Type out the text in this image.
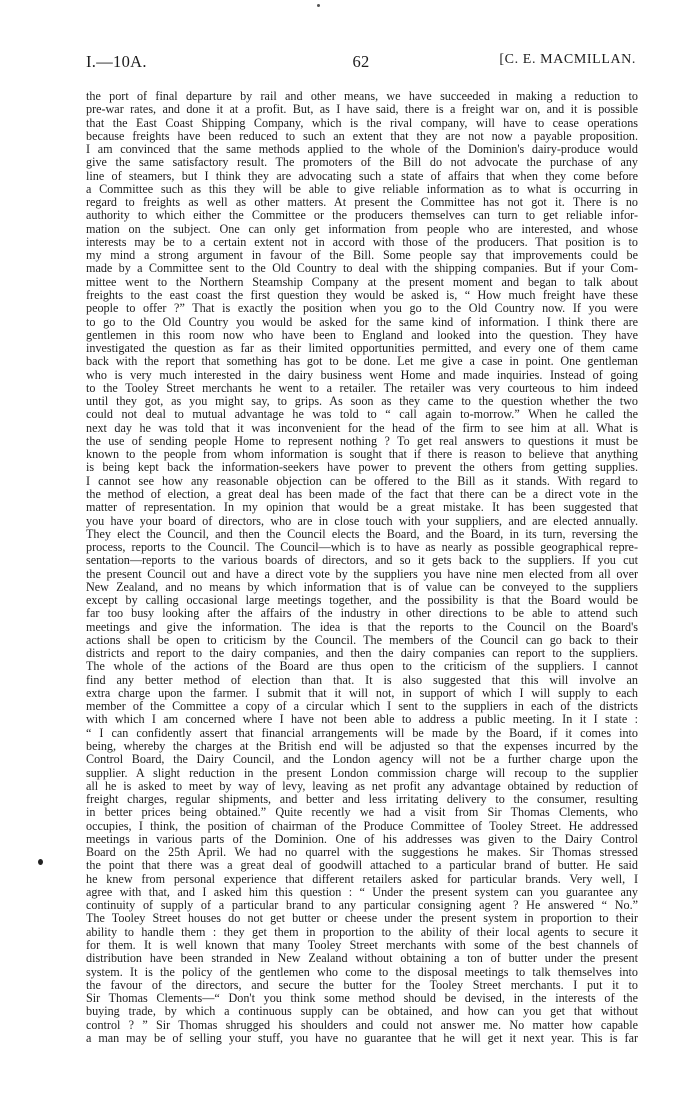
I.—10A.	62	[C. E. MACMILLAN.
the port of final departure by rail and other means, we have succeeded in making a reduction to
pre-war rates, and done it at a profit. But, as I have said, there is a freight war on, and it is possible
that the East Coast Shipping Company, which is the rival company, will have to cease operations
because freights have been reduced to such an extent that they are not now a payable proposition.
I am convinced that the same methods applied to the whole of the Dominion's dairy-produce would
give the same satisfactory result. The promoters of the Bill do not advocate the purchase of any
line of steamers, but I think they are advocating such a state of affairs that when they come before
a Committee such as this they will be able to give reliable information as to what is occurring in
regard to freights as well as other matters. At present the Committee has not got it. There is no
authority to which either the Committee or the producers themselves can turn to get reliable infor-
mation on the subject. One can only get information from people who are interested, and whose
interests may be to a certain extent not in accord with those of the producers. That position is to
my mind a strong argument in favour of the Bill. Some people say that improvements could be
made by a Committee sent to the Old Country to deal with the shipping companies. But if your Com-
mittee went to the Northern Steamship Company at the present moment and began to talk about
freights to the east coast the first question they would be asked is, “ How much freight have these
people to offer ?” That is exactly the position when you go to the Old Country now. If you were
to go to the Old Country you would be asked for the same kind of information. I think there are
gentlemen in this room now who have been to England and looked into the question. They have
investigated the question as far as their limited opportunities permitted, and every one of them came
back with the report that something has got to be done. Let me give a case in point. One gentleman
who is very much interested in the dairy business went Home and made inquiries. Instead of going
to the Tooley Street merchants he went to a retailer. The retailer was very courteous to him indeed
until they got, as you might say, to grips. As soon as they came to the question whether the two
could not deal to mutual advantage he was told to “ call again to-morrow.” When he called the
next day he was told that it was inconvenient for the head of the firm to see him at all. What is
the use of sending people Home to represent nothing ? To get real answers to questions it must be
known to the people from whom information is sought that if there is reason to believe that anything
is being kept back the information-seekers have power to prevent the others from getting supplies.
I cannot see how any reasonable objection can be offered to the Bill as it stands. With regard to
the method of election, a great deal has been made of the fact that there can be a direct vote in the
matter of representation. In my opinion that would be a great mistake. It has been suggested that
you have your board of directors, who are in close touch with your suppliers, and are elected annually.
They elect the Council, and then the Council elects the Board, and the Board, in its turn, reversing the
process, reports to the Council. The Council—which is to have as nearly as possible geographical repre-
sentation—reports to the various boards of directors, and so it gets back to the suppliers. If you cut
the present Council out and have a direct vote by the suppliers you have nine men elected from all over
New Zealand, and no means by which information that is of value can be conveyed to the suppliers
except by calling occasional large meetings together, and the possibility is that the Board would be
far too busy looking after the affairs of the industry in other directions to be able to attend such
meetings and give the information. The idea is that the reports to the Council on the Board's
actions shall be open to criticism by the Council. The members of the Council can go back to their
districts and report to the dairy companies, and then the dairy companies can report to the suppliers.
The whole of the actions of the Board are thus open to the criticism of the suppliers. I cannot
find any better method of election than that. It is also suggested that this will involve an
extra charge upon the farmer. I submit that it will not, in support of which I will supply to each
member of the Committee a copy of a circular which I sent to the suppliers in each of the districts
with which I am concerned where I have not been able to address a public meeting. In it I state :
“ I can confidently assert that financial arrangements will be made by the Board, if it comes into
being, whereby the charges at the British end will be adjusted so that the expenses incurred by the
Control Board, the Dairy Council, and the London agency will not be a further charge upon the
supplier. A slight reduction in the present London commission charge will recoup to the supplier
all he is asked to meet by way of levy, leaving as net profit any advantage obtained by reduction of
freight charges, regular shipments, and better and less irritating delivery to the consumer, resulting
in better prices being obtained.” Quite recently we had a visit from Sir Thomas Clements, who
occupies, I think, the position of chairman of the Produce Committee of Tooley Street. He addressed
meetings in various parts of the Dominion. One of his addresses was given to the Dairy Control
Board on the 25th April. We had no quarrel with the suggestions he makes. Sir Thomas stressed
the point that there was a great deal of goodwill attached to a particular brand of butter. He said
he knew from personal experience that different retailers asked for particular brands. Very well, I
agree with that, and I asked him this question : “ Under the present system can you guarantee any
continuity of supply of a particular brand to any particular consigning agent ? He answered “ No.”
The Tooley Street houses do not get butter or cheese under the present system in proportion to their
ability to handle them : they get them in proportion to the ability of their local agents to secure it
for them. It is well known that many Tooley Street merchants with some of the best channels of
distribution have been stranded in New Zealand without obtaining a ton of butter under the present
system. It is the policy of the gentlemen who come to the disposal meetings to talk themselves into
the favour of the directors, and secure the butter for the Tooley Street merchants. I put it to
Sir Thomas Clements—“ Don't you think some method should be devised, in the interests of the
buying trade, by which a continuous supply can be obtained, and how can you get that without
control ? ” Sir Thomas shrugged his shoulders and could not answer me. No matter how capable
a man may be of selling your stuff, you have no guarantee that he will get it next year. This is far
